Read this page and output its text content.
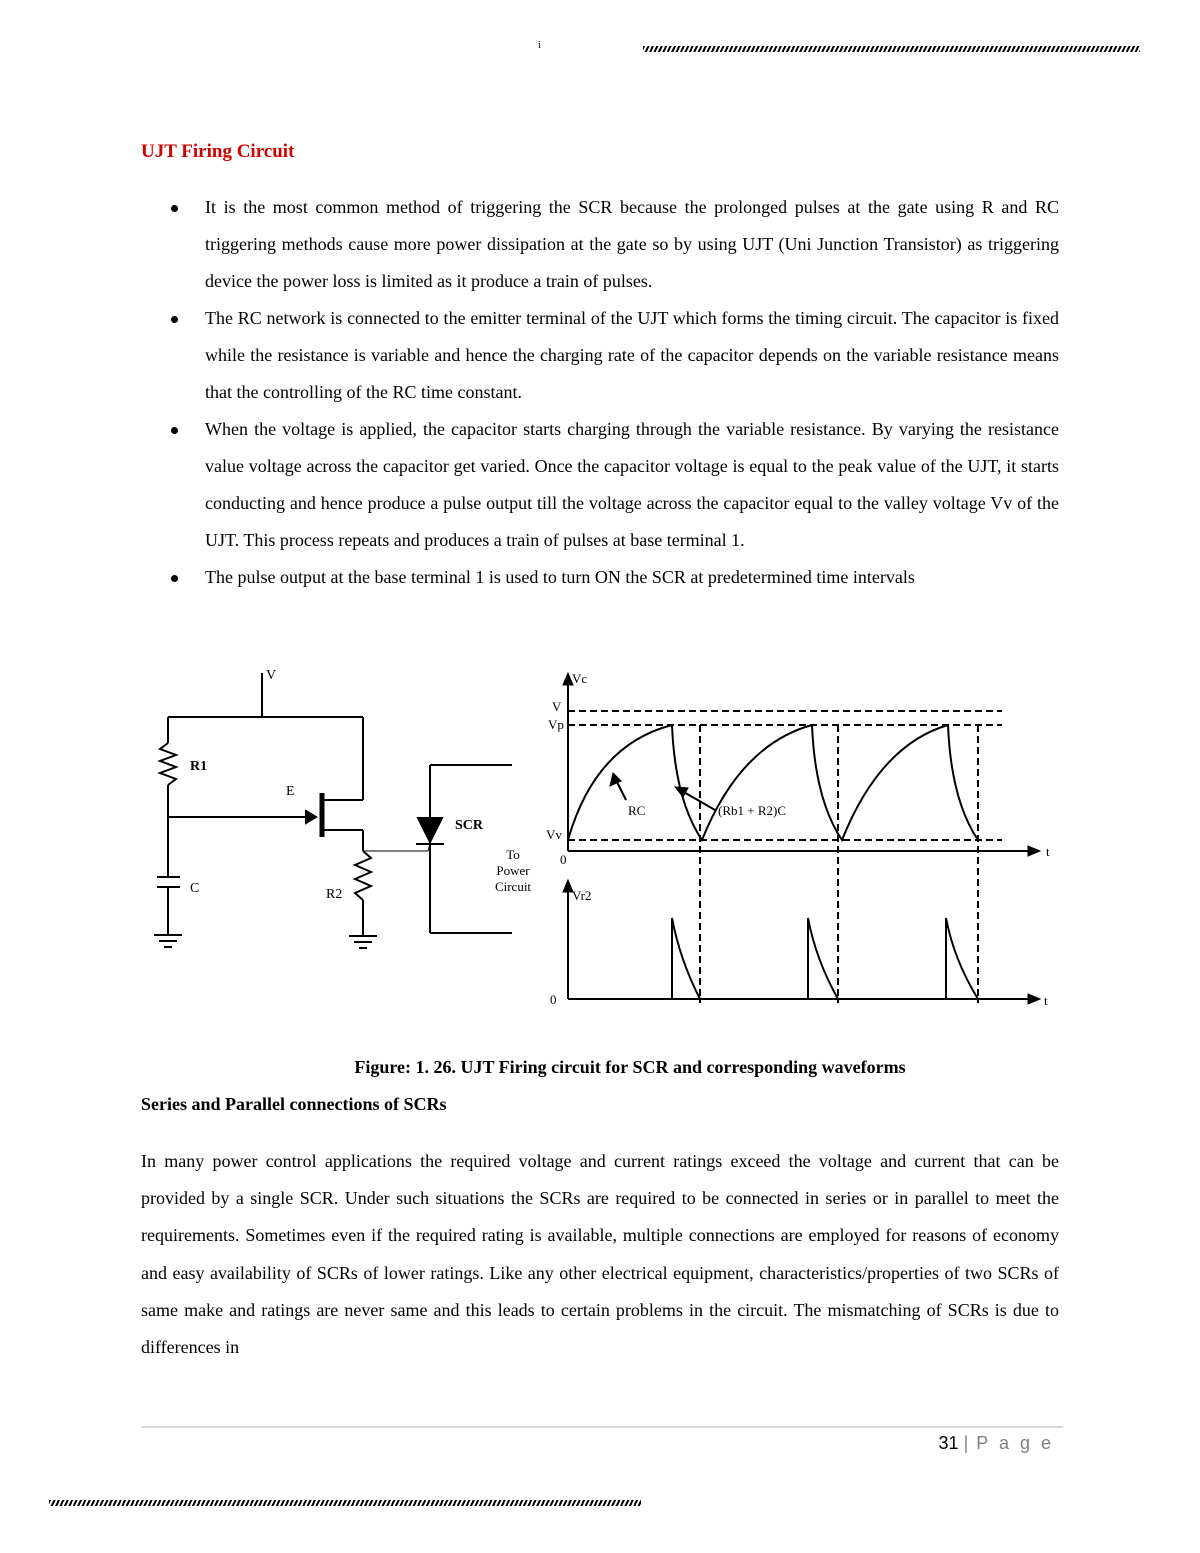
i
UJT Firing Circuit
It is the most common method of triggering the SCR because the prolonged pulses at the gate using R and RC triggering methods cause more power dissipation at the gate so by using UJT (Uni Junction Transistor) as triggering device the power loss is limited as it produce a train of pulses.
The RC network is connected to the emitter terminal of the UJT which forms the timing circuit. The capacitor is fixed while the resistance is variable and hence the charging rate of the capacitor depends on the variable resistance means that the controlling of the RC time constant.
When the voltage is applied, the capacitor starts charging through the variable resistance. By varying the resistance value voltage across the capacitor get varied. Once the capacitor voltage is equal to the peak value of the UJT, it starts conducting and hence produce a pulse output till the voltage across the capacitor equal to the valley voltage Vv of the UJT. This process repeats and produces a train of pulses at base terminal 1.
The pulse output at the base terminal 1 is used to turn ON the SCR at predetermined time intervals
V
R1
E
C	R2
SCR
To
Power
Circuit
Vc
V
Vp
Vv
0
t
RC	(Rb1 + R2)C
Vr2
0	t

Figure: 1. 26. UJT Firing circuit for SCR and corresponding waveforms

Series and Parallel connections of SCRs

In many power control applications the required voltage and current ratings exceed the voltage and current that can be provided by a single SCR. Under such situations the SCRs are required to be connected in series or in parallel to meet the requirements. Sometimes even if the required rating is available, multiple connections are employed for reasons of economy and easy availability of SCRs of lower ratings. Like any other electrical equipment, characteristics/properties of two SCRs of same make and ratings are never same and this leads to certain problems in the circuit. The mismatching of SCRs is due to differences in

31 | P a g e
